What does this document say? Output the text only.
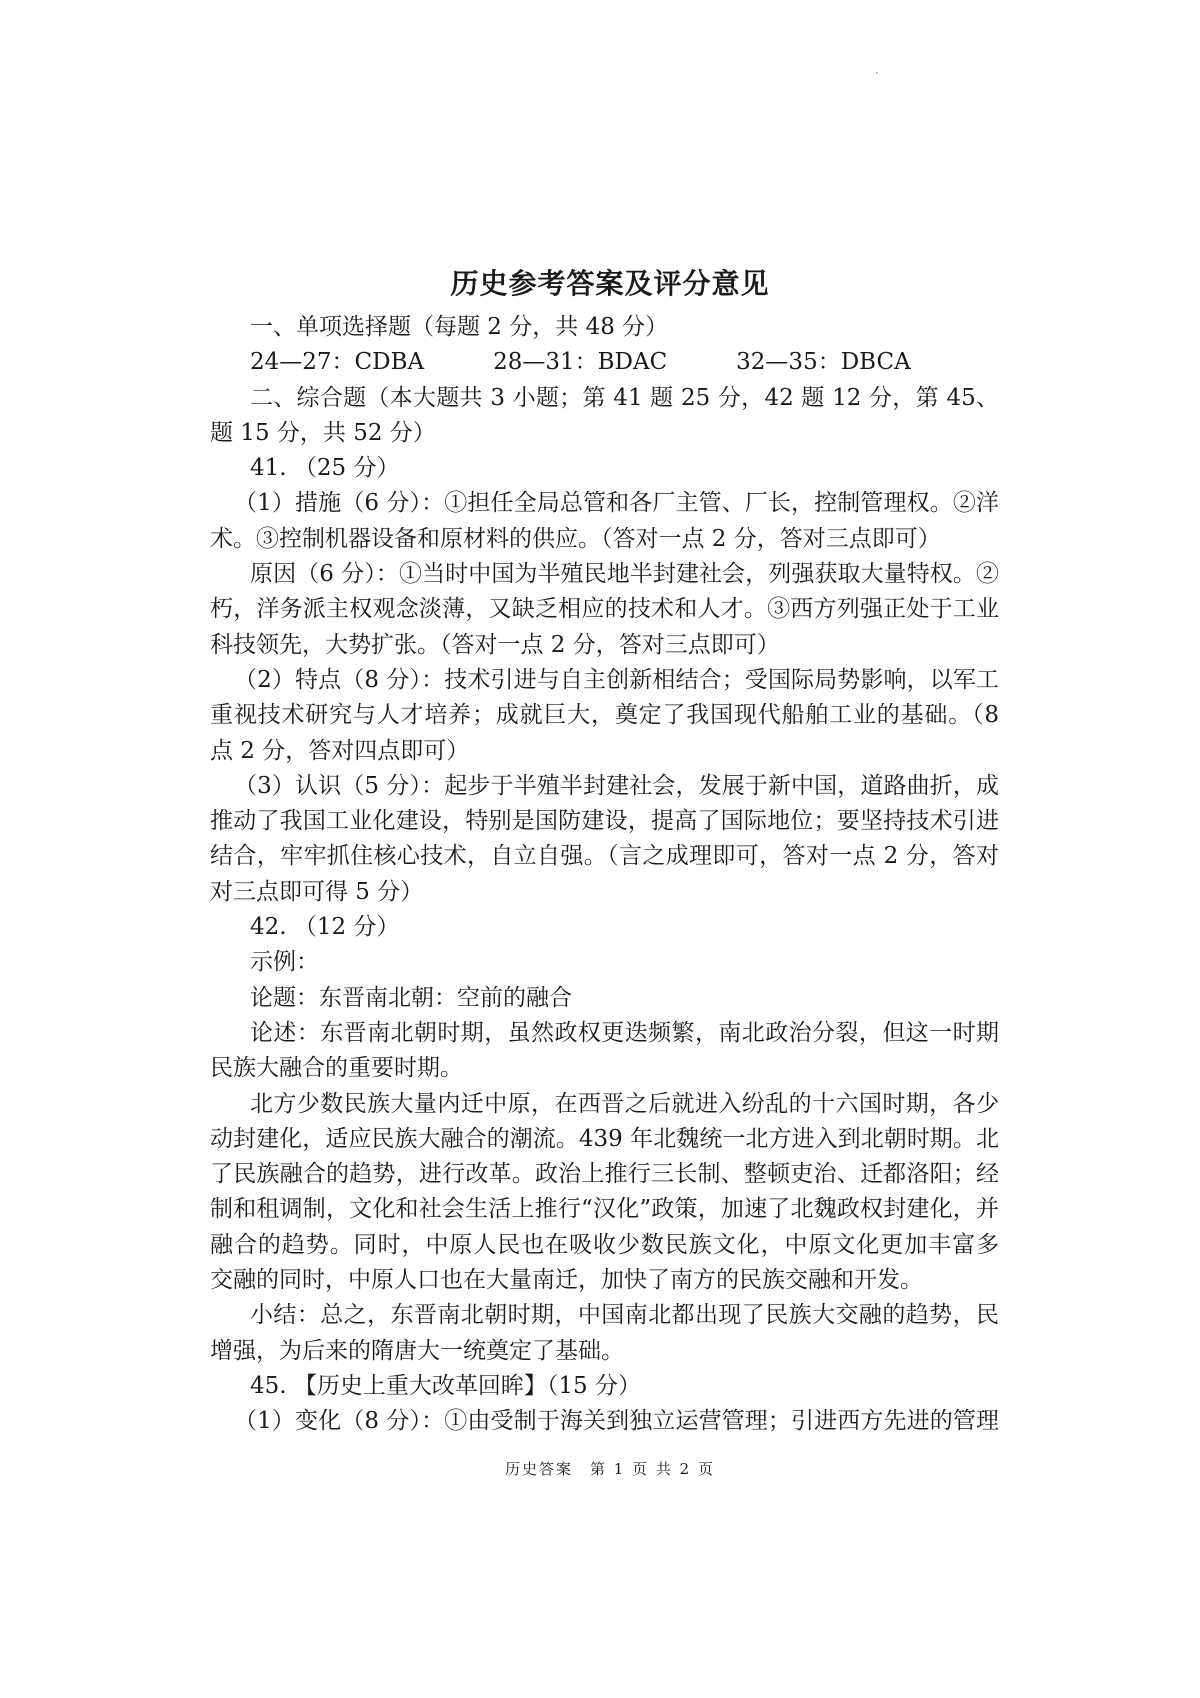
历史参考答案及评分意见
一、单项选择题（每题 2 分，共 48 分）
24—27：CDBA　　　28—31：BDAC　　　32—35：DBCA
二、综合题（本大题共 3 小题；第 41 题 25 分，42 题 12 分，第 45、
题 15 分，共 52 分）
41. （25 分）
（1）措施（6 分）：①担任全局总管和各厂主管、厂长，控制管理权。②洋
术。③控制机器设备和原材料的供应。（答对一点 2 分，答对三点即可）
原因（6 分）：①当时中国为半殖民地半封建社会，列强获取大量特权。②
朽，洋务派主权观念淡薄，又缺乏相应的技术和人才。③西方列强正处于工业
科技领先，大势扩张。（答对一点 2 分，答对三点即可）
（2）特点（8 分）：技术引进与自主创新相结合；受国际局势影响，以军工
重视技术研究与人才培养；成就巨大，奠定了我国现代船舶工业的基础。（8
点 2 分，答对四点即可）
（3）认识（5 分）：起步于半殖半封建社会，发展于新中国，道路曲折，成
推动了我国工业化建设，特别是国防建设，提高了国际地位；要坚持技术引进
结合，牢牢抓住核心技术，自立自强。（言之成理即可，答对一点 2 分，答对
对三点即可得 5 分）
42. （12 分）
示例：
论题：东晋南北朝：空前的融合
论述：东晋南北朝时期，虽然政权更迭频繁，南北政治分裂，但这一时期
民族大融合的重要时期。
北方少数民族大量内迁中原，在西晋之后就进入纷乱的十六国时期，各少
动封建化，适应民族大融合的潮流。439 年北魏统一北方进入到北朝时期。北
了民族融合的趋势，进行改革。政治上推行三长制、整顿吏治、迁都洛阳；经
制和租调制，文化和社会生活上推行“汉化”政策，加速了北魏政权封建化，并
融合的趋势。同时，中原人民也在吸收少数民族文化，中原文化更加丰富多
交融的同时，中原人口也在大量南迁，加快了南方的民族交融和开发。
小结：总之，东晋南北朝时期，中国南北都出现了民族大交融的趋势，民
增强，为后来的隋唐大一统奠定了基础。
45. 【历史上重大改革回眸】（15 分）
（1）变化（8 分）：①由受制于海关到独立运营管理；引进西方先进的管理
历史答案　第 1 页 共 2 页
